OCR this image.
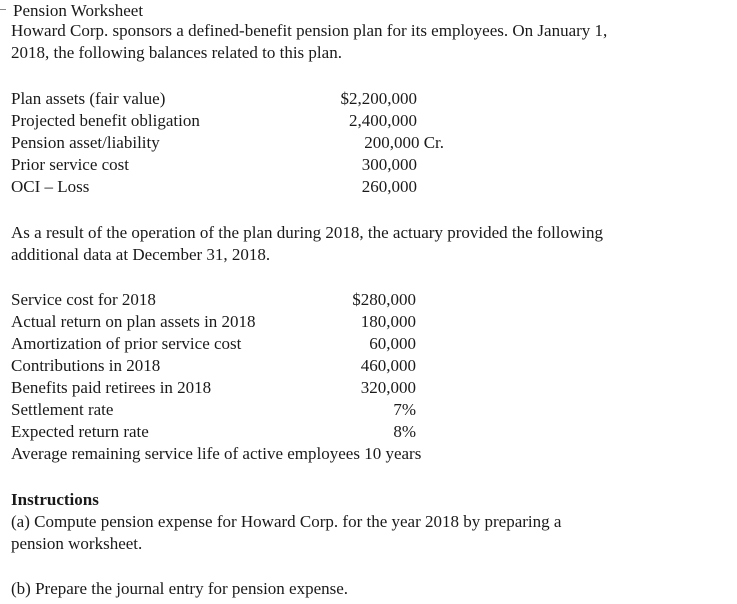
Pension Worksheet
Howard Corp. sponsors a defined-benefit pension plan for its employees. On January 1,
2018, the following balances related to this plan.
Plan assets (fair value)	$2,200,000
Projected benefit obligation	2,400,000
Pension asset/liability	200,000 Cr.
Prior service cost	300,000
OCI – Loss	260,000
As a result of the operation of the plan during 2018, the actuary provided the following
additional data at December 31, 2018.
Service cost for 2018	$280,000
Actual return on plan assets in 2018	180,000
Amortization of prior service cost	60,000
Contributions in 2018	460,000
Benefits paid retirees in 2018	320,000
Settlement rate	7%
Expected return rate	8%
Average remaining service life of active employees 10 years
Instructions
(a) Compute pension expense for Howard Corp. for the year 2018 by preparing a
pension worksheet.
(b) Prepare the journal entry for pension expense.
